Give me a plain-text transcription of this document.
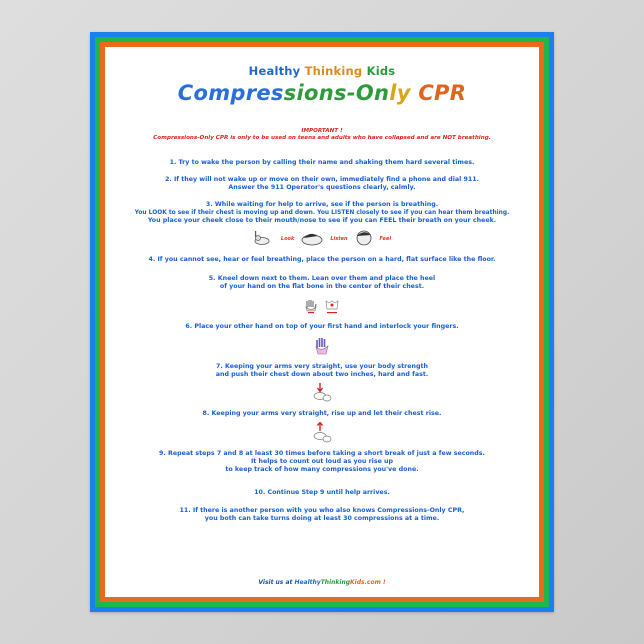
Healthy Thinking Kids
Compressions-Only CPR
IMPORTANT !
Compressions-Only CPR is only to be used on teens and adults who have collapsed and are NOT breathing.
1. Try to wake the person by calling their name and shaking them hard several times.
2. If they will not wake up or move on their own, immediately find a phone and dial 911.
Answer the 911 Operator's questions clearly, calmly.
3. While waiting for help to arrive, see if the person is breathing.
You LOOK to see if their chest is moving up and down. You LISTEN closely to see if you can hear them breathing.
You place your cheek close to their mouth/nose to see if you can FEEL their breath on your cheek.
Look	Listen	Feel
4. If you cannot see, hear or feel breathing, place the person on a hard, flat surface like the floor.
5. Kneel down next to them. Lean over them and place the heel
of your hand on the flat bone in the center of their chest.
6. Place your other hand on top of your first hand and interlock your fingers.
7. Keeping your arms very straight, use your body strength
and push their chest down about two inches, hard and fast.
8. Keeping your arms very straight, rise up and let their chest rise.
9. Repeat steps 7 and 8 at least 30 times before taking a short break of just a few seconds.
It helps to count out loud as you rise up
to keep track of how many compressions you've done.
10. Continue Step 9 until help arrives.
11. If there is another person with you who also knows Compressions-Only CPR,
you both can take turns doing at least 30 compressions at a time.
Visit us at HealthyThinkingKids.com !
